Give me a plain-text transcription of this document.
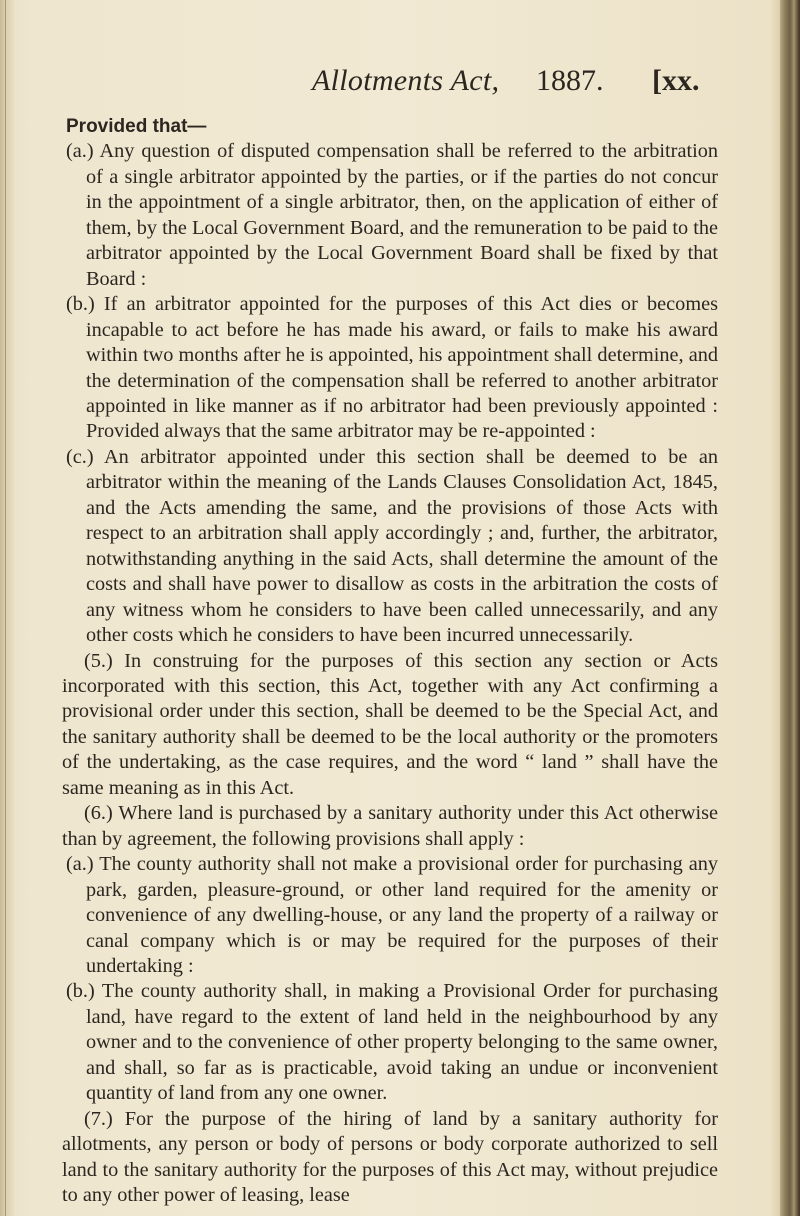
Allotments Act, 1887. [xx.

Provided that—

(a.) Any question of disputed compensation shall be referred to the arbitration of a single arbitrator appointed by the parties, or if the parties do not concur in the appointment of a single arbitrator, then, on the application of either of them, by the Local Government Board, and the remuneration to be paid to the arbitrator appointed by the Local Government Board shall be fixed by that Board :

(b.) If an arbitrator appointed for the purposes of this Act dies or becomes incapable to act before he has made his award, or fails to make his award within two months after he is appointed, his appointment shall determine, and the determination of the compensation shall be referred to another arbitrator appointed in like manner as if no arbitrator had been previously appointed : Provided always that the same arbitrator may be re-appointed :

(c.) An arbitrator appointed under this section shall be deemed to be an arbitrator within the meaning of the Lands Clauses Consolidation Act, 1845, and the Acts amending the same, and the provisions of those Acts with respect to an arbitration shall apply accordingly ; and, further, the arbitrator, notwithstanding anything in the said Acts, shall determine the amount of the costs and shall have power to disallow as costs in the arbitration the costs of any witness whom he considers to have been called unnecessarily, and any other costs which he considers to have been incurred unnecessarily.

(5.) In construing for the purposes of this section any section or Acts incorporated with this section, this Act, together with any Act confirming a provisional order under this section, shall be deemed to be the Special Act, and the sanitary authority shall be deemed to be the local authority or the promoters of the undertaking, as the case requires, and the word “ land ” shall have the same meaning as in this Act.

(6.) Where land is purchased by a sanitary authority under this Act otherwise than by agreement, the following provisions shall apply :

(a.) The county authority shall not make a provisional order for purchasing any park, garden, pleasure-ground, or other land required for the amenity or convenience of any dwelling-house, or any land the property of a railway or canal company which is or may be required for the purposes of their undertaking :

(b.) The county authority shall, in making a Provisional Order for purchasing land, have regard to the extent of land held in the neighbourhood by any owner and to the convenience of other property belonging to the same owner, and shall, so far as is practicable, avoid taking an undue or inconvenient quantity of land from any one owner.

(7.) For the purpose of the hiring of land by a sanitary authority for allotments, any person or body of persons or body corporate authorized to sell land to the sanitary authority for the purposes of this Act may, without prejudice to any other power of leasing, lease
